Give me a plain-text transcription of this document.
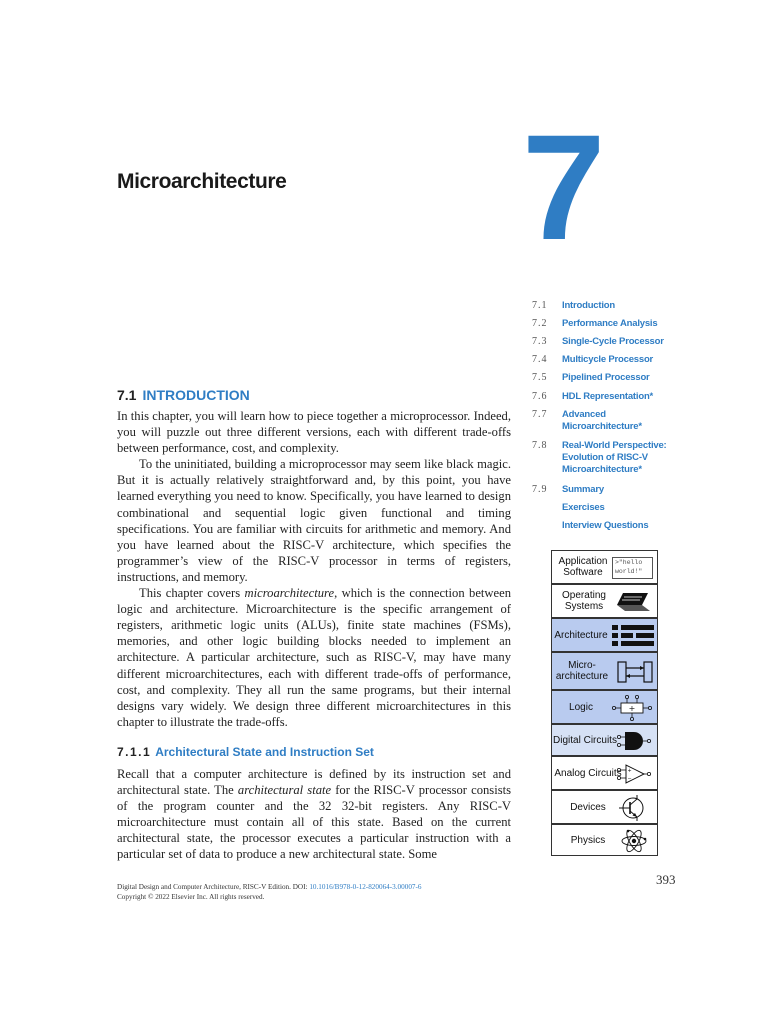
Microarchitecture 7
7.1 Introduction
7.2 Performance Analysis
7.3 Single-Cycle Processor
7.4 Multicycle Processor
7.5 Pipelined Processor
7.6 HDL Representation*
7.7 Advanced Microarchitecture*
7.8 Real-World Perspective: Evolution of RISC-V Microarchitecture*
7.9 Summary
Exercises
Interview Questions
7.1 INTRODUCTION

In this chapter, you will learn how to piece together a microprocessor. Indeed, you will puzzle out three different versions, each with different trade-offs between performance, cost, and complexity.

To the uninitiated, building a microprocessor may seem like black magic. But it is actually relatively straightforward and, by this point, you have learned everything you need to know. Specifically, you have learned to design combinational and sequential logic given functional and timing specifications. You are familiar with circuits for arithmetic and memory. And you have learned about the RISC-V architecture, which specifies the programmer’s view of the RISC-V processor in terms of registers, instructions, and memory.

This chapter covers microarchitecture, which is the connection between logic and architecture. Microarchitecture is the specific arrangement of registers, arithmetic logic units (ALUs), finite state machines (FSMs), memories, and other logic building blocks needed to implement an architecture. A particular architecture, such as RISC-V, may have many different microarchitectures, each with different trade-offs of performance, cost, and complexity. They all run the same programs, but their internal designs vary widely. We design three different microarchitectures in this chapter to illustrate the trade-offs.

7.1.1 Architectural State and Instruction Set

Recall that a computer architecture is defined by its instruction set and architectural state. The architectural state for the RISC-V processor consists of the program counter and the 32 32-bit registers. Any RISC-V microarchitecture must contain all of this state. Based on the current architectural state, the processor executes a particular instruction with a particular set of data to produce a new architectural state. Some

Application Software
>"hello
world!"
Operating Systems
Architecture
Micro-architecture
Logic	+
Digital Circuits
Analog Circuits	+
−
Devices
Physics
Digital Design and Computer Architecture, RISC-V Edition. DOI: 10.1016/B978-0-12-820064-3.00007-6
Copyright © 2022 Elsevier Inc. All rights reserved.
393
